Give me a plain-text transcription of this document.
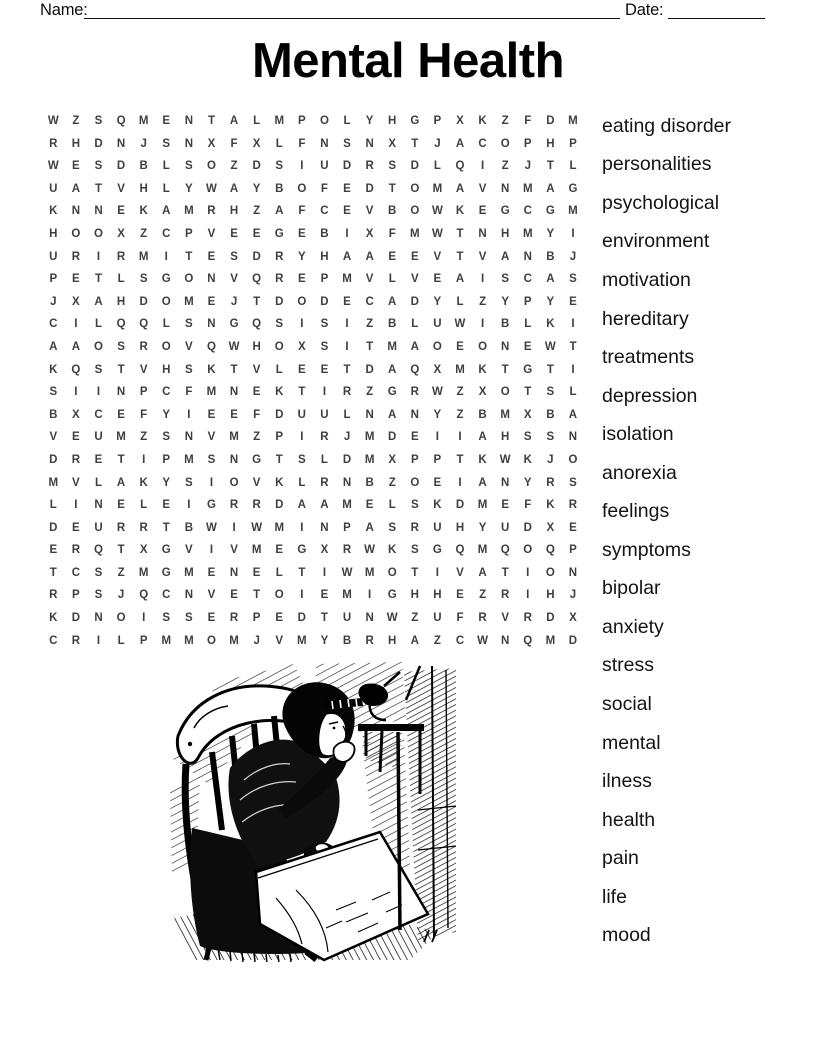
Name:	Date:
Mental Health
W	Z	S	Q	M	E	N	T	A	L	M	P	O	L	Y	H	G	P	X	K	Z	F	D	M
R	H	D	N	J	S	N	X	F	X	L	F	N	S	N	X	T	J	A	C	O	P	H	P
W	E	S	D	B	L	S	O	Z	D	S	I	U	D	R	S	D	L	Q	I	Z	J	T	L
U	A	T	V	H	L	Y	W	A	Y	B	O	F	E	D	T	O	M	A	V	N	M	A	G
K	N	N	E	K	A	M	R	H	Z	A	F	C	E	V	B	O	W	K	E	G	C	G	M
H	O	O	X	Z	C	P	V	E	E	G	E	B	I	X	F	M	W	T	N	H	M	Y	I
U	R	I	R	M	I	T	E	S	D	R	Y	H	A	A	E	E	V	T	V	A	N	B	J
P	E	T	L	S	G	O	N	V	Q	R	E	P	M	V	L	V	E	A	I	S	C	A	S
J	X	A	H	D	O	M	E	J	T	D	O	D	E	C	A	D	Y	L	Z	Y	P	Y	E
C	I	L	Q	Q	L	S	N	G	Q	S	I	S	I	Z	B	L	U	W	I	B	L	K	I
A	A	O	S	R	O	V	Q	W	H	O	X	S	I	T	M	A	O	E	O	N	E	W	T
K	Q	S	T	V	H	S	K	T	V	L	E	E	T	D	A	Q	X	M	K	T	G	T	I
S	I	I	N	P	C	F	M	N	E	K	T	I	R	Z	G	R	W	Z	X	O	T	S	L
B	X	C	E	F	Y	I	E	E	F	D	U	U	L	N	A	N	Y	Z	B	M	X	B	A
V	E	U	M	Z	S	N	V	M	Z	P	I	R	J	M	D	E	I	I	A	H	S	S	N
D	R	E	T	I	P	M	S	N	G	T	S	L	D	M	X	P	P	T	K	W	K	J	O
M	V	L	A	K	Y	S	I	O	V	K	L	R	N	B	Z	O	E	I	A	N	Y	R	S
L	I	N	E	L	E	I	G	R	R	D	A	A	M	E	L	S	K	D	M	E	F	K	R
D	E	U	R	R	T	B	W	I	W	M	I	N	P	A	S	R	U	H	Y	U	D	X	E
E	R	Q	T	X	G	V	I	V	M	E	G	X	R	W	K	S	G	Q	M	Q	O	Q	P
T	C	S	Z	M	G	M	E	N	E	L	T	I	W	M	O	T	I	V	A	T	I	O	N
R	P	S	J	Q	C	N	V	E	T	O	I	E	M	I	G	H	H	E	Z	R	I	H	J
K	D	N	O	I	S	S	E	R	P	E	D	T	U	N	W	Z	U	F	R	V	R	D	X
C	R	I	L	P	M	M	O	M	J	V	M	Y	B	R	H	A	Z	C	W	N	Q	M	D
eating disorder
personalities
psychological
environment
motivation
hereditary
treatments
depression
isolation
anorexia
feelings
symptoms
bipolar
anxiety
stress
social
mental
ilness
health
pain
life
mood
